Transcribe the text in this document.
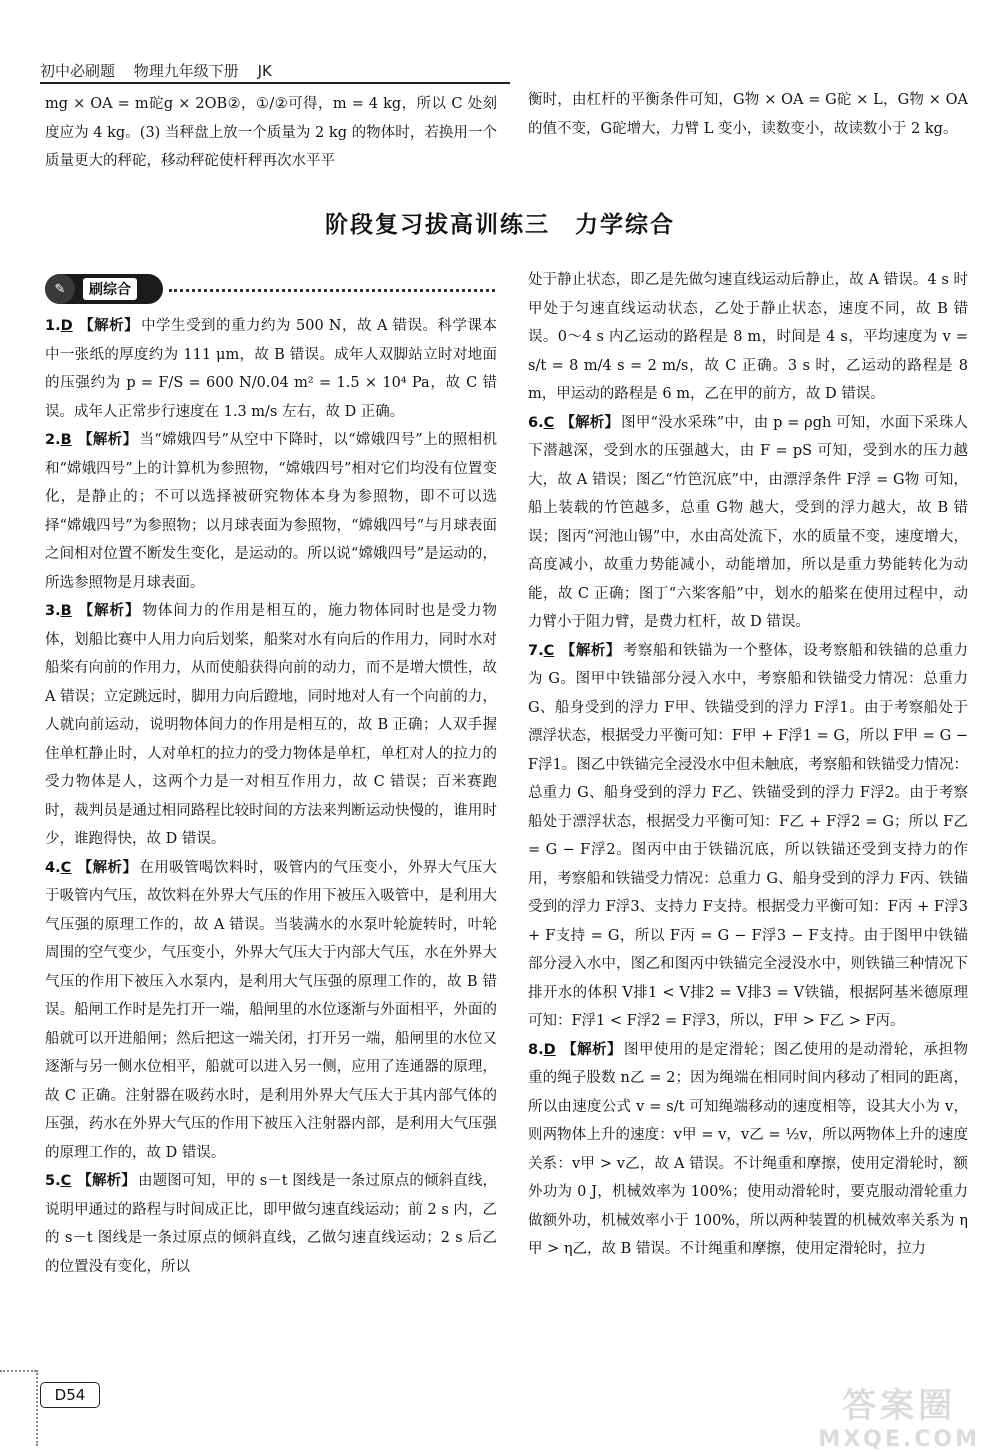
初中必刷题 物理九年级下册 JK

mg × OA = m砣g × 2OB②，①/②可得，m = 4 kg，所以 C 处刻度应为 4 kg。(3) 当秤盘上放一个质量为 2 kg 的物体时，若换用一个质量更大的秤砣，移动秤砣使杆秤再次水平平

衡时，由杠杆的平衡条件可知，G物 × OA = G砣 × L，G物 × OA 的值不变，G砣增大，力臂 L 变小，读数变小，故读数小于 2 kg。

阶段复习拔高训练三　力学综合
✎	刷综合

1.D 【解析】 中学生受到的重力约为 500 N，故 A 错误。科学课本中一张纸的厚度约为 111 μm，故 B 错误。成年人双脚站立时对地面的压强约为 p = F/S = 600 N/0.04 m² = 1.5 × 10⁴ Pa，故 C 错误。成年人正常步行速度在 1.3 m/s 左右，故 D 正确。

2.B 【解析】 当“嫦娥四号”从空中下降时，以“嫦娥四号”上的照相机和“嫦娥四号”上的计算机为参照物，“嫦娥四号”相对它们均没有位置变化，是静止的；不可以选择被研究物体本身为参照物，即不可以选择“嫦娥四号”为参照物；以月球表面为参照物，“嫦娥四号”与月球表面之间相对位置不断发生变化，是运动的。所以说“嫦娥四号”是运动的，所选参照物是月球表面。

3.B 【解析】 物体间力的作用是相互的，施力物体同时也是受力物体，划船比赛中人用力向后划桨，船桨对水有向后的作用力，同时水对船桨有向前的作用力，从而使船获得向前的动力，而不是增大惯性，故 A 错误；立定跳远时，脚用力向后蹬地，同时地对人有一个向前的力，人就向前运动，说明物体间力的作用是相互的，故 B 正确；人双手握住单杠静止时，人对单杠的拉力的受力物体是单杠，单杠对人的拉力的受力物体是人，这两个力是一对相互作用力，故 C 错误；百米赛跑时，裁判员是通过相同路程比较时间的方法来判断运动快慢的，谁用时少，谁跑得快，故 D 错误。

4.C 【解析】 在用吸管喝饮料时，吸管内的气压变小，外界大气压大于吸管内气压，故饮料在外界大气压的作用下被压入吸管中，是利用大气压强的原理工作的，故 A 错误。当装满水的水泵叶轮旋转时，叶轮周围的空气变少，气压变小，外界大气压大于内部大气压，水在外界大气压的作用下被压入水泵内，是利用大气压强的原理工作的，故 B 错误。船闸工作时是先打开一端，船闸里的水位逐渐与外面相平，外面的船就可以开进船闸；然后把这一端关闭，打开另一端，船闸里的水位又逐渐与另一侧水位相平，船就可以进入另一侧，应用了连通器的原理，故 C 正确。注射器在吸药水时，是利用外界大气压大于其内部气体的压强，药水在外界大气压的作用下被压入注射器内部，是利用大气压强的原理工作的，故 D 错误。

5.C 【解析】 由题图可知，甲的 s－t 图线是一条过原点的倾斜直线，说明甲通过的路程与时间成正比，即甲做匀速直线运动；前 2 s 内，乙的 s－t 图线是一条过原点的倾斜直线，乙做匀速直线运动；2 s 后乙的位置没有变化，所以

处于静止状态，即乙是先做匀速直线运动后静止，故 A 错误。4 s 时甲处于匀速直线运动状态，乙处于静止状态，速度不同，故 B 错误。0～4 s 内乙运动的路程是 8 m，时间是 4 s，平均速度为 v = s/t = 8 m/4 s = 2 m/s，故 C 正确。3 s 时，乙运动的路程是 8 m，甲运动的路程是 6 m，乙在甲的前方，故 D 错误。

6.C 【解析】 图甲“没水采珠”中，由 p = ρgh 可知，水面下采珠人下潜越深，受到水的压强越大，由 F = pS 可知，受到水的压力越大，故 A 错误；图乙“竹笆沉底”中，由漂浮条件 F浮 = G物 可知，船上装载的竹笆越多，总重 G物 越大，受到的浮力越大，故 B 错误；图丙“河池山锡”中，水由高处流下，水的质量不变，速度增大，高度减小，故重力势能减小，动能增加，所以是重力势能转化为动能，故 C 正确；图丁“六桨客船”中，划水的船桨在使用过程中，动力臂小于阻力臂，是费力杠杆，故 D 错误。

7.C 【解析】 考察船和铁锚为一个整体，设考察船和铁锚的总重力为 G。图甲中铁锚部分浸入水中，考察船和铁锚受力情况：总重力 G、船身受到的浮力 F甲、铁锚受到的浮力 F浮1。由于考察船处于漂浮状态，根据受力平衡可知：F甲 + F浮1 = G，所以 F甲 = G − F浮1。图乙中铁锚完全浸没水中但未触底，考察船和铁锚受力情况：总重力 G、船身受到的浮力 F乙、铁锚受到的浮力 F浮2。由于考察船处于漂浮状态，根据受力平衡可知：F乙 + F浮2 = G；所以 F乙 = G − F浮2。图丙中由于铁锚沉底，所以铁锚还受到支持力的作用，考察船和铁锚受力情况：总重力 G、船身受到的浮力 F丙、铁锚受到的浮力 F浮3、支持力 F支持。根据受力平衡可知：F丙 + F浮3 + F支持 = G，所以 F丙 = G − F浮3 − F支持。由于图甲中铁锚部分浸入水中，图乙和图丙中铁锚完全浸没水中，则铁锚三种情况下排开水的体积 V排1 < V排2 = V排3 = V铁锚，根据阿基米德原理可知：F浮1 < F浮2 = F浮3，所以，F甲 > F乙 > F丙。

8.D 【解析】 图甲使用的是定滑轮；图乙使用的是动滑轮，承担物重的绳子股数 n乙 = 2；因为绳端在相同时间内移动了相同的距离，所以由速度公式 v = s/t 可知绳端移动的速度相等，设其大小为 v，则两物体上升的速度：v甲 = v，v乙 = ½v，所以两物体上升的速度关系：v甲 > v乙，故 A 错误。不计绳重和摩擦，使用定滑轮时，额外功为 0 J，机械效率为 100%；使用动滑轮时，要克服动滑轮重力做额外功，机械效率小于 100%，所以两种装置的机械效率关系为 η甲 > η乙，故 B 错误。不计绳重和摩擦，使用定滑轮时，拉力

D54	答案圈
MXQE.COM
